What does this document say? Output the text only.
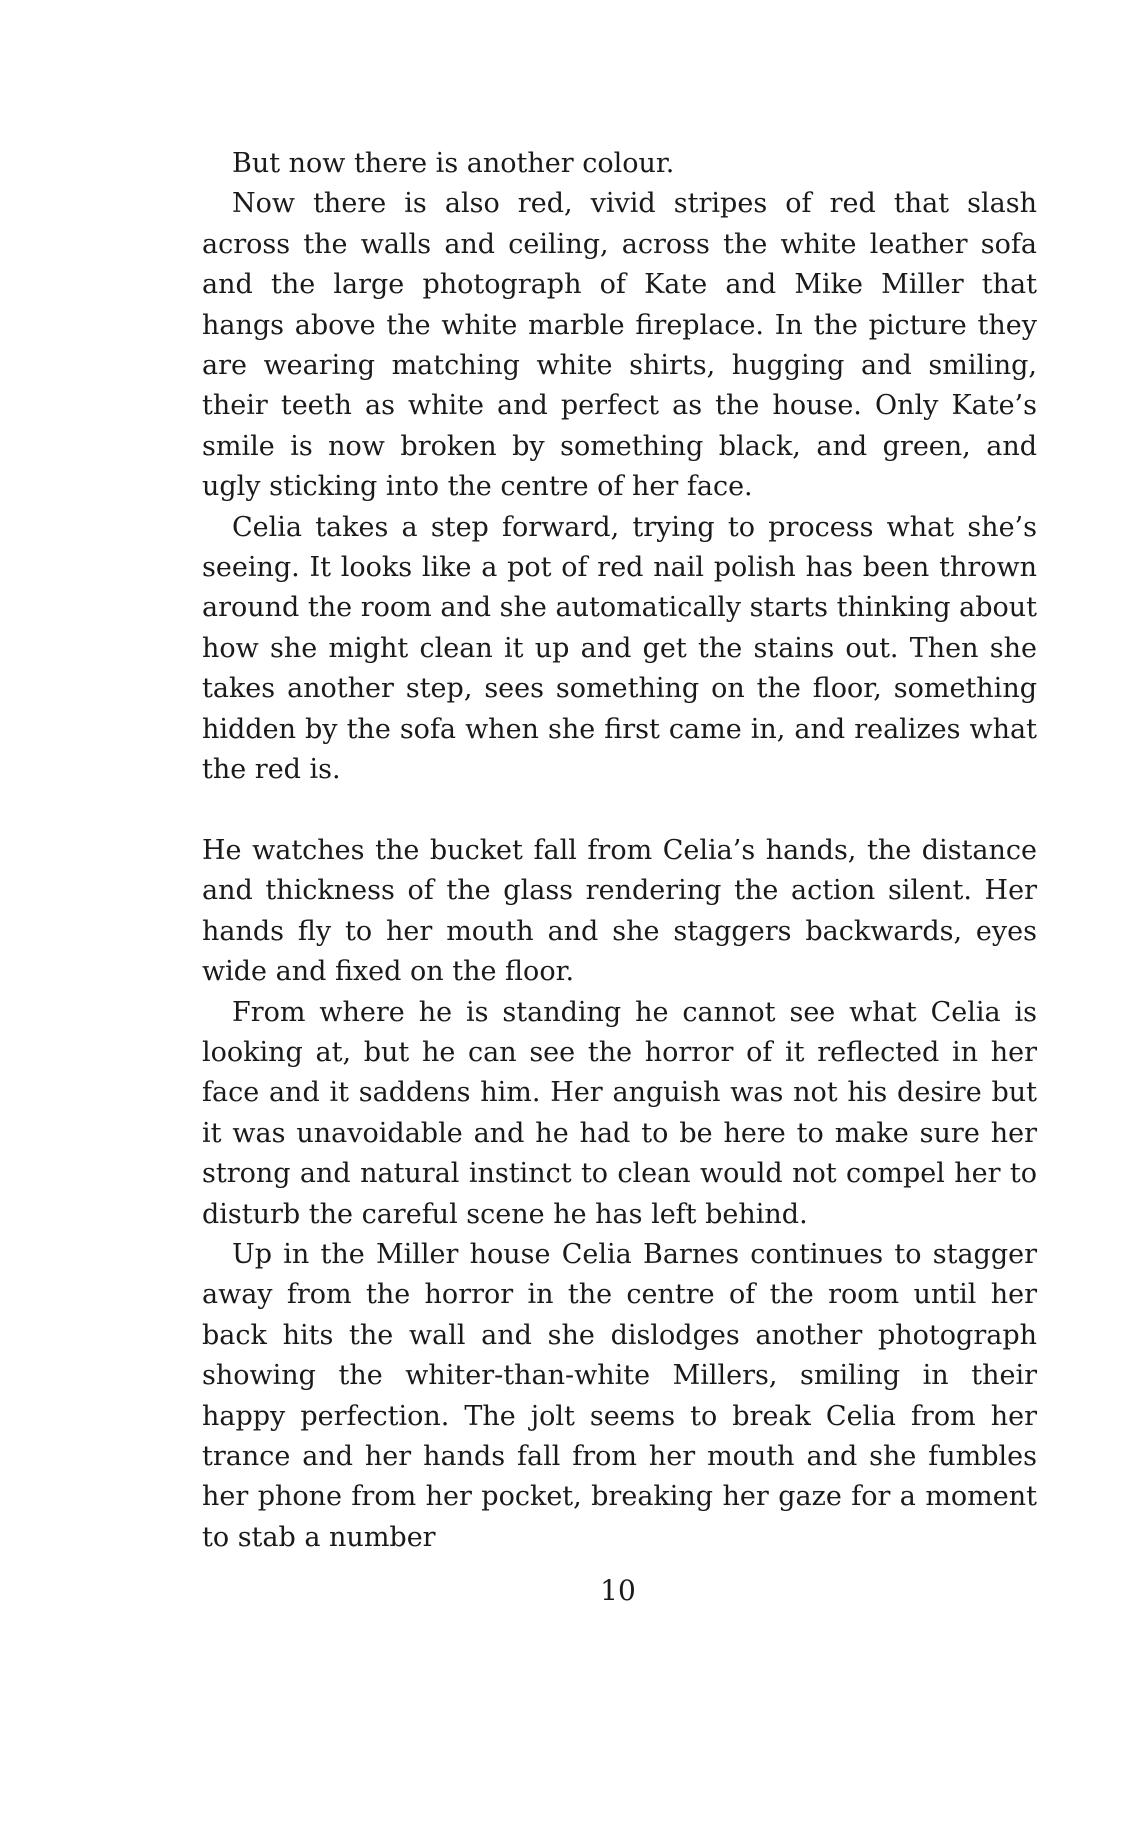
But now there is another colour.

Now there is also red, vivid stripes of red that slash across the walls and ceiling, across the white leather sofa and the large photograph of Kate and Mike Miller that hangs above the white marble fireplace. In the picture they are wearing matching white shirts, hugging and smiling, their teeth as white and perfect as the house. Only Kate’s smile is now broken by something black, and green, and ugly sticking into the centre of her face.

Celia takes a step forward, trying to process what she’s seeing. It looks like a pot of red nail polish has been thrown around the room and she automatically starts thinking about how she might clean it up and get the stains out. Then she takes another step, sees something on the floor, something hidden by the sofa when she first came in, and realizes what the red is.

He watches the bucket fall from Celia’s hands, the distance and thickness of the glass rendering the action silent. Her hands fly to her mouth and she staggers backwards, eyes wide and fixed on the floor.

From where he is standing he cannot see what Celia is looking at, but he can see the horror of it reflected in her face and it saddens him. Her anguish was not his desire but it was unavoidable and he had to be here to make sure her strong and natural instinct to clean would not compel her to disturb the careful scene he has left behind.

Up in the Miller house Celia Barnes continues to stagger away from the horror in the centre of the room until her back hits the wall and she dislodges another photograph showing the whiter-than-white Millers, smiling in their happy perfection. The jolt seems to break Celia from her trance and her hands fall from her mouth and she fumbles her phone from her pocket, breaking her gaze for a moment to stab a number

10
